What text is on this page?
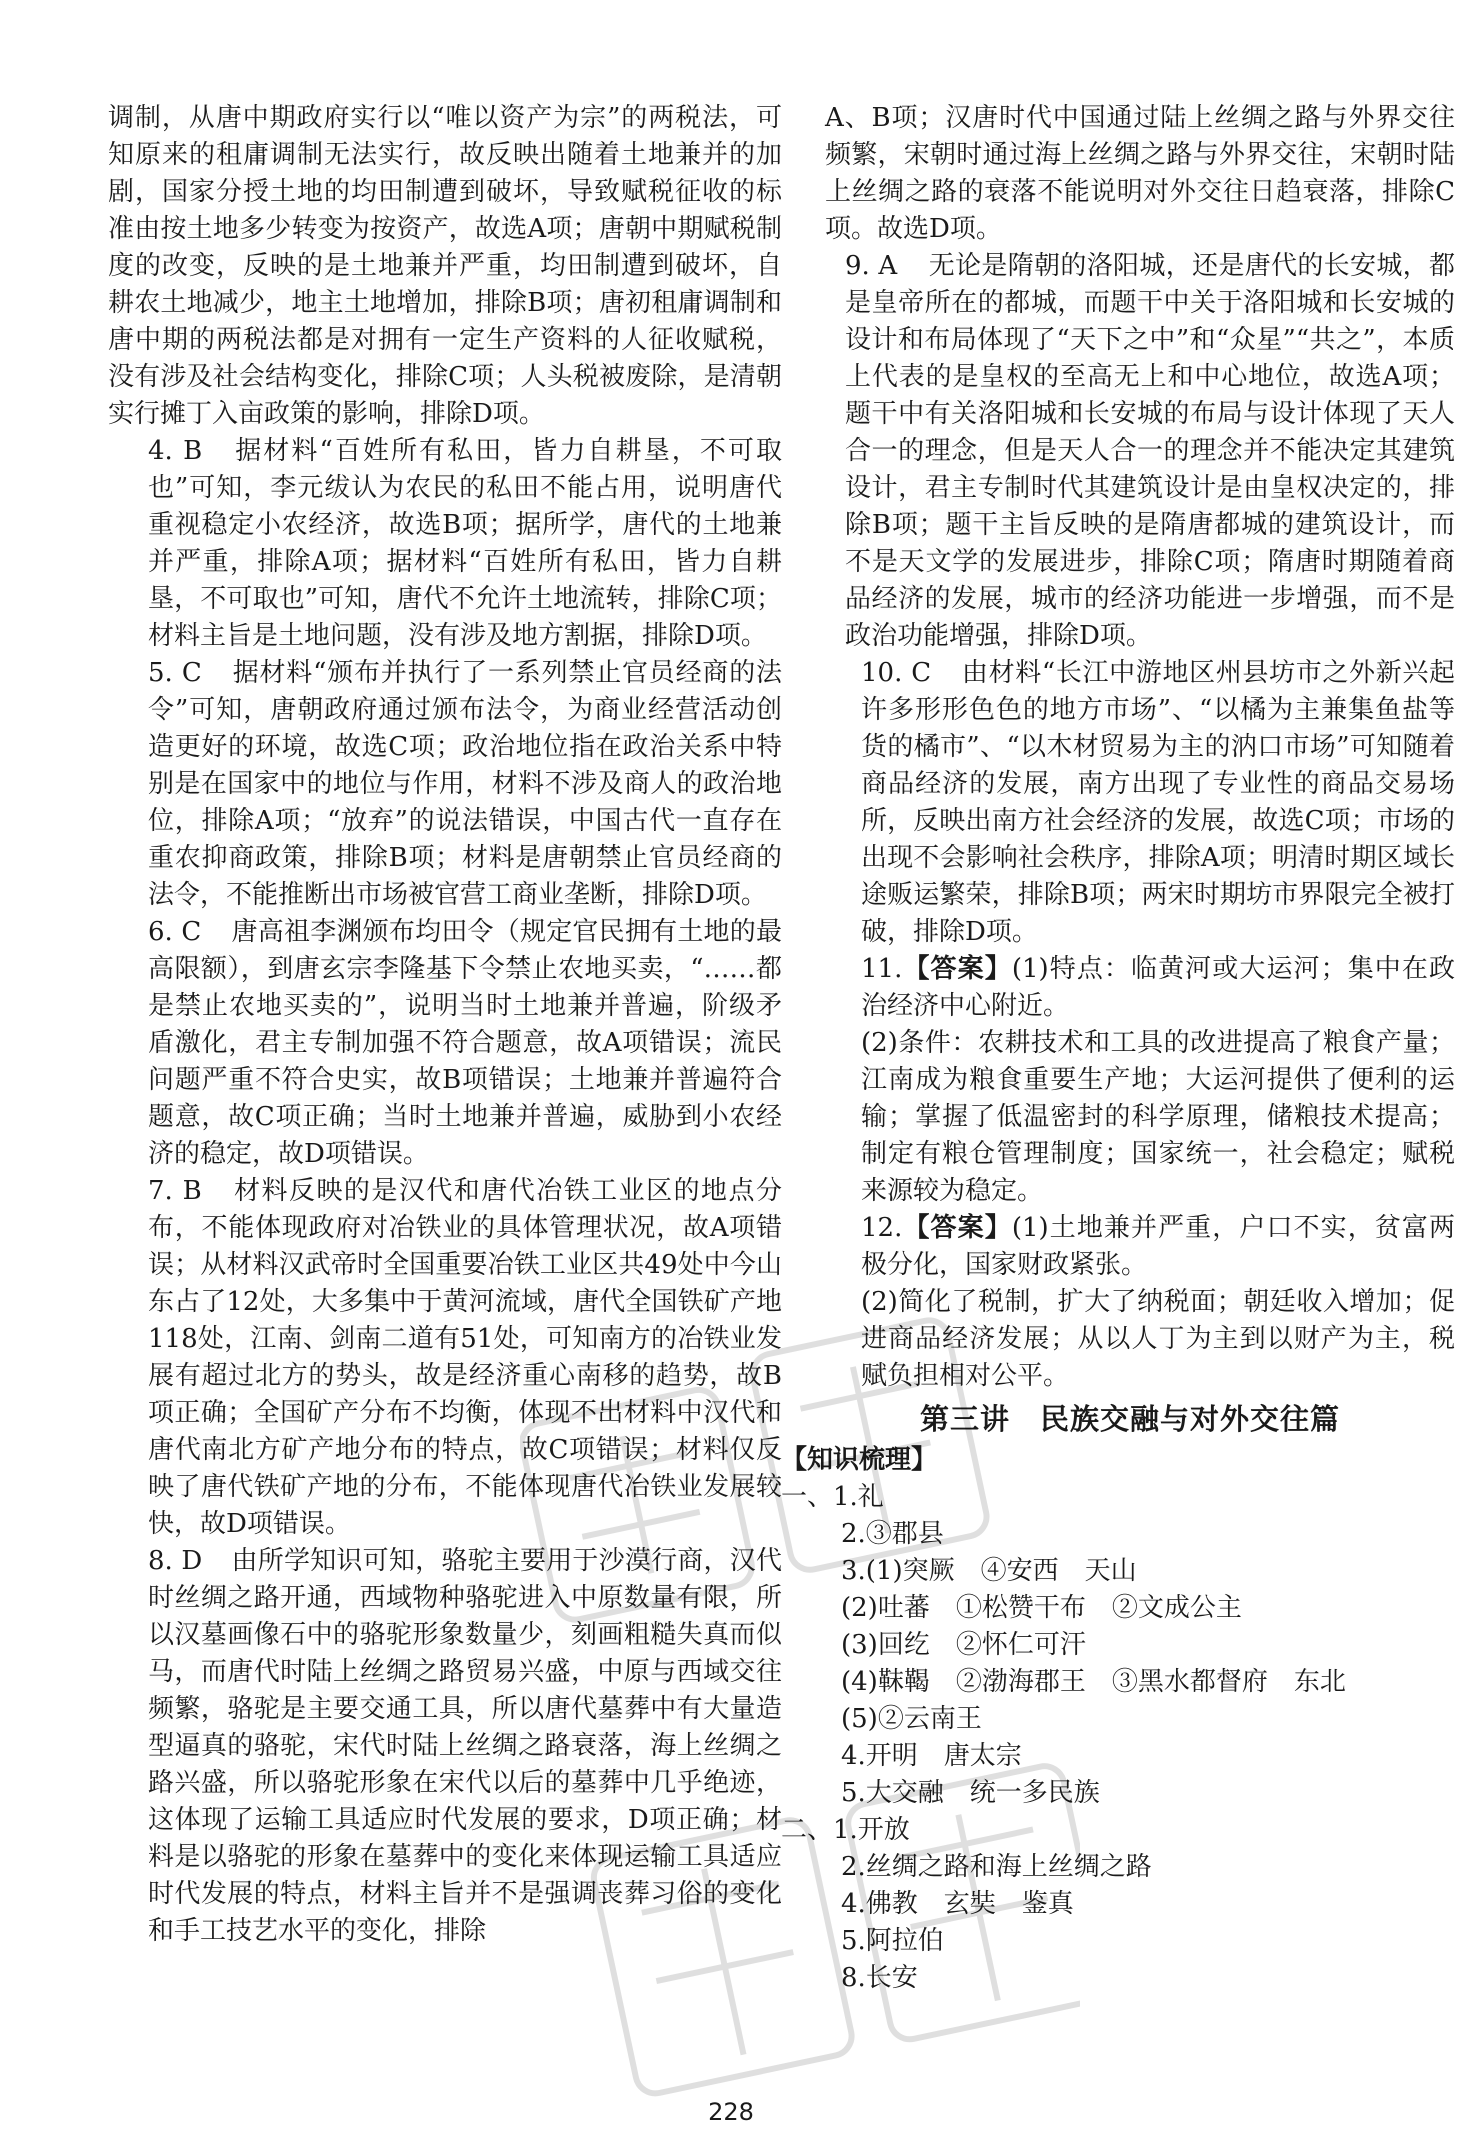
调制，从唐中期政府实行以“唯以资产为宗”的两税法，可知原来的租庸调制无法实行，故反映出随着土地兼并的加剧，国家分授土地的均田制遭到破坏，导致赋税征收的标准由按土地多少转变为按资产，故选A项；唐朝中期赋税制度的改变，反映的是土地兼并严重，均田制遭到破坏，自耕农土地减少，地主土地增加，排除B项；唐初租庸调制和唐中期的两税法都是对拥有一定生产资料的人征收赋税，没有涉及社会结构变化，排除C项；人头税被废除，是清朝实行摊丁入亩政策的影响，排除D项。

4. B 据材料“百姓所有私田，皆力自耕垦，不可取也”可知，李元绂认为农民的私田不能占用，说明唐代重视稳定小农经济，故选B项；据所学，唐代的土地兼并严重，排除A项；据材料“百姓所有私田，皆力自耕垦，不可取也”可知，唐代不允许土地流转，排除C项；材料主旨是土地问题，没有涉及地方割据，排除D项。

5. C 据材料“颁布并执行了一系列禁止官员经商的法令”可知，唐朝政府通过颁布法令，为商业经营活动创造更好的环境，故选C项；政治地位指在政治关系中特别是在国家中的地位与作用，材料不涉及商人的政治地位，排除A项；“放弃”的说法错误，中国古代一直存在重农抑商政策，排除B项；材料是唐朝禁止官员经商的法令，不能推断出市场被官营工商业垄断，排除D项。

6. C 唐高祖李渊颁布均田令（规定官民拥有土地的最高限额），到唐玄宗李隆基下令禁止农地买卖，“……都是禁止农地买卖的”，说明当时土地兼并普遍，阶级矛盾激化，君主专制加强不符合题意，故A项错误；流民问题严重不符合史实，故B项错误；土地兼并普遍符合题意，故C项正确；当时土地兼并普遍，威胁到小农经济的稳定，故D项错误。

7. B 材料反映的是汉代和唐代冶铁工业区的地点分布，不能体现政府对冶铁业的具体管理状况，故A项错误；从材料汉武帝时全国重要冶铁工业区共49处中今山东占了12处，大多集中于黄河流域，唐代全国铁矿产地118处，江南、剑南二道有51处，可知南方的冶铁业发展有超过北方的势头，故是经济重心南移的趋势，故B项正确；全国矿产分布不均衡，体现不出材料中汉代和唐代南北方矿产地分布的特点，故C项错误；材料仅反映了唐代铁矿产地的分布，不能体现唐代冶铁业发展较快，故D项错误。

8. D 由所学知识可知，骆驼主要用于沙漠行商，汉代时丝绸之路开通，西域物种骆驼进入中原数量有限，所以汉墓画像石中的骆驼形象数量少，刻画粗糙失真而似马，而唐代时陆上丝绸之路贸易兴盛，中原与西域交往频繁，骆驼是主要交通工具，所以唐代墓葬中有大量造型逼真的骆驼，宋代时陆上丝绸之路衰落，海上丝绸之路兴盛，所以骆驼形象在宋代以后的墓葬中几乎绝迹，这体现了运输工具适应时代发展的要求，D项正确；材料是以骆驼的形象在墓葬中的变化来体现运输工具适应时代发展的特点，材料主旨并不是强调丧葬习俗的变化和手工技艺水平的变化，排除

A、B项；汉唐时代中国通过陆上丝绸之路与外界交往频繁，宋朝时通过海上丝绸之路与外界交往，宋朝时陆上丝绸之路的衰落不能说明对外交往日趋衰落，排除C项。故选D项。

9. A 无论是隋朝的洛阳城，还是唐代的长安城，都是皇帝所在的都城，而题干中关于洛阳城和长安城的设计和布局体现了“天下之中”和“众星”“共之”，本质上代表的是皇权的至高无上和中心地位，故选A项；题干中有关洛阳城和长安城的布局与设计体现了天人合一的理念，但是天人合一的理念并不能决定其建筑设计，君主专制时代其建筑设计是由皇权决定的，排除B项；题干主旨反映的是隋唐都城的建筑设计，而不是天文学的发展进步，排除C项；隋唐时期随着商品经济的发展，城市的经济功能进一步增强，而不是政治功能增强，排除D项。

10. C 由材料“长江中游地区州县坊市之外新兴起许多形形色色的地方市场”、“以橘为主兼集鱼盐等货的橘市”、“以木材贸易为主的汭口市场”可知随着商品经济的发展，南方出现了专业性的商品交易场所，反映出南方社会经济的发展，故选C项；市场的出现不会影响社会秩序，排除A项；明清时期区域长途贩运繁荣，排除B项；两宋时期坊市界限完全被打破，排除D项。

11.【答案】(1)特点：临黄河或大运河；集中在政治经济中心附近。

(2)条件：农耕技术和工具的改进提高了粮食产量；江南成为粮食重要生产地；大运河提供了便利的运输；掌握了低温密封的科学原理，储粮技术提高；制定有粮仓管理制度；国家统一，社会稳定；赋税来源较为稳定。

12.【答案】(1)土地兼并严重，户口不实，贫富两极分化，国家财政紧张。

(2)简化了税制，扩大了纳税面；朝廷收入增加；促进商品经济发展；从以人丁为主到以财产为主，税赋负担相对公平。

第三讲　民族交融与对外交往篇
【知识梳理】

一、1.礼

2.③郡县

3.(1)突厥　④安西　天山

(2)吐蕃　①松赞干布　②文成公主

(3)回纥　②怀仁可汗

(4)靺鞨　②渤海郡王　③黑水都督府　东北

(5)②云南王

4.开明　唐太宗

5.大交融　统一多民族

二、1.开放

2.丝绸之路和海上丝绸之路

4.佛教　玄奘　鉴真

5.阿拉伯

8.长安

228
